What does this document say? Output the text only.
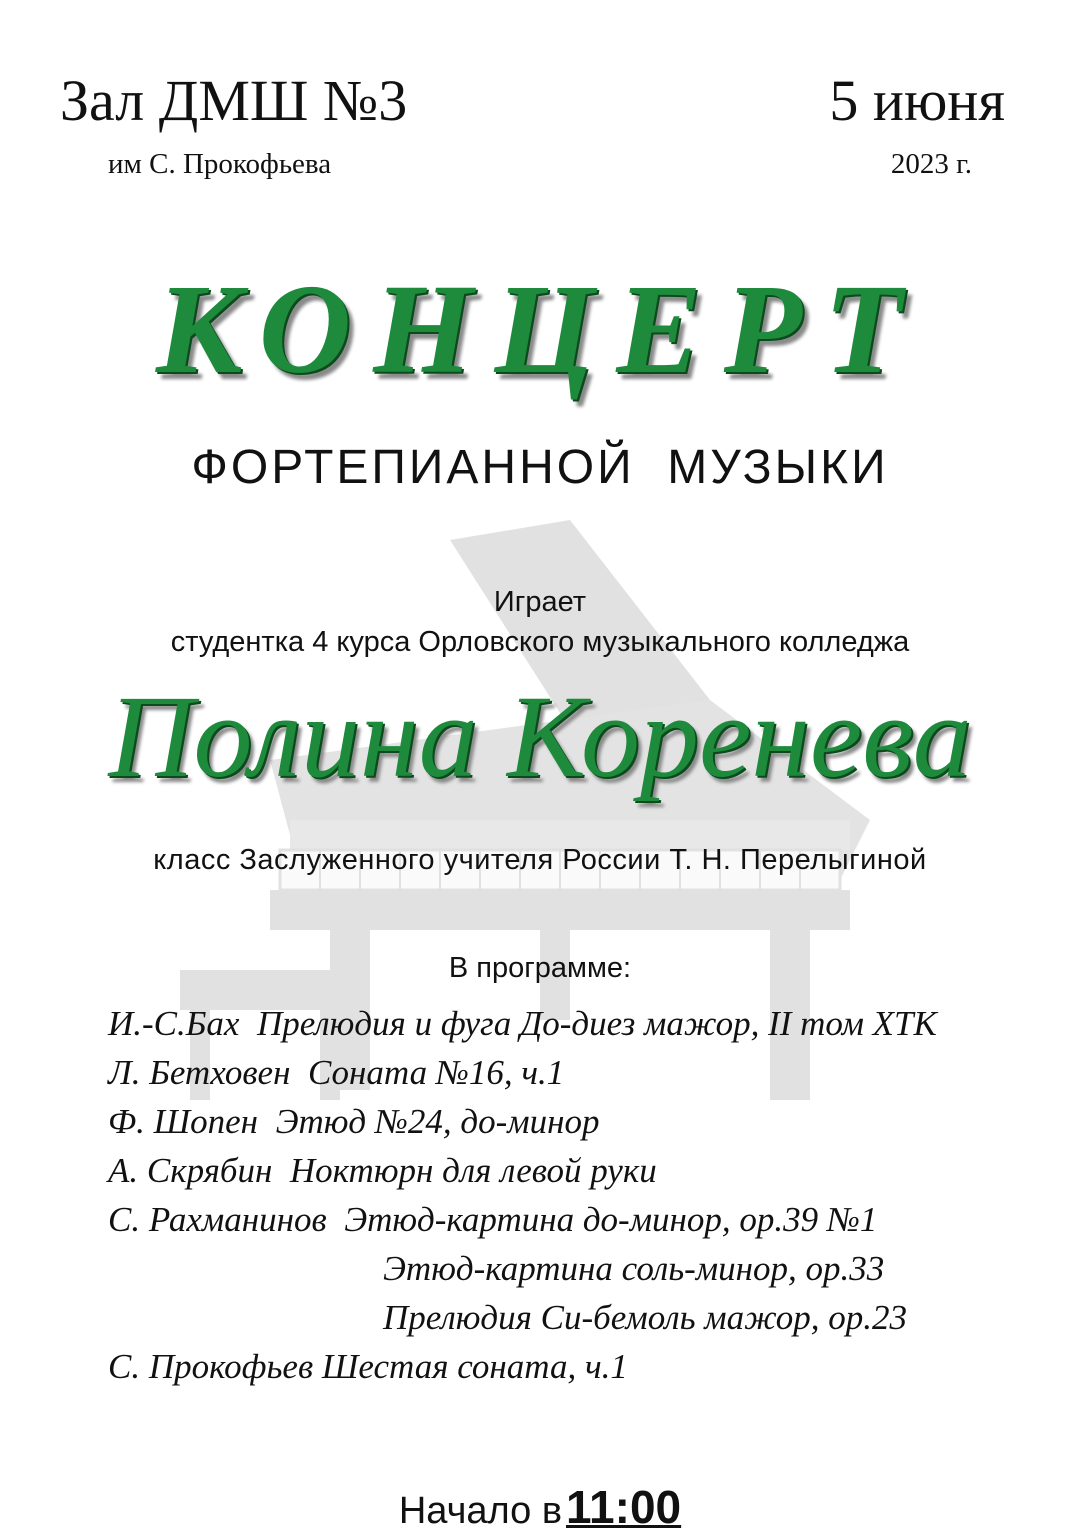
Зал ДМШ №3
им С. Прокофьева
5 июня
2023 г.
КОНЦЕРТ
ФОРТЕПИАННОЙ  МУЗЫКИ
Играет
студентка 4 курса Орловского музыкального колледжа
Полина Коренева
класс Заслуженного учителя России Т. Н. Перелыгиной
В программе:
И.-С.Бах Прелюдия и фуга До-диез мажор, II том ХТК
Л. Бетховен Соната №16, ч.1
Ф. Шопен Этюд №24, до-минор
А. Скрябин Ноктюрн для левой руки
С. Рахманинов Этюд-картина до-минор, ор.39 №1
Этюд-картина соль-минор, ор.33
Прелюдия Си-бемоль мажор, ор.23
С. Прокофьев Шестая соната, ч.1
Начало в 11:00
